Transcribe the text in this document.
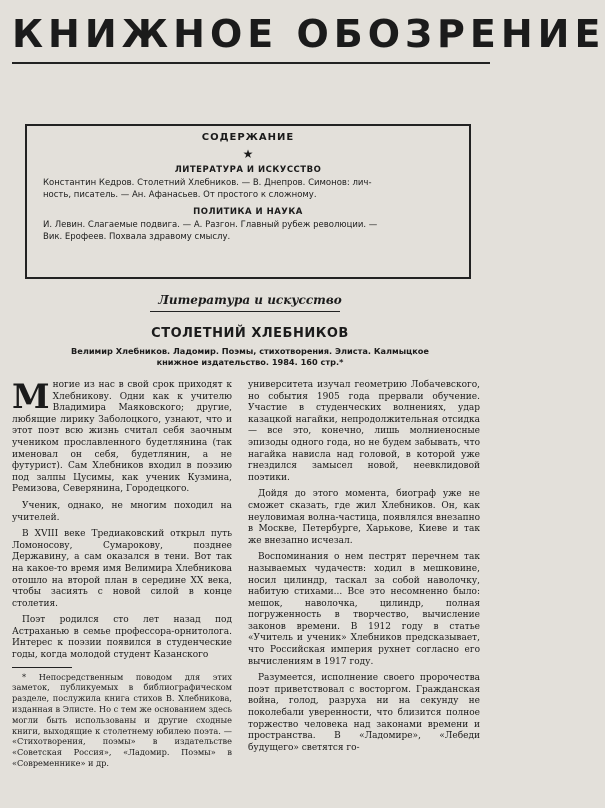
КНИЖНОЕ ОБОЗРЕНИЕ
СОДЕРЖАНИЕ
★
ЛИТЕРАТУРА И ИСКУССТВО
Константин Кедров. Столетний Хлебников. — В. Днепров. Симонов: лич-
ность, писатель. — Ан. Афанасьев. От простого к сложному.
ПОЛИТИКА И НАУКА
И. Левин. Слагаемые подвига. — А. Разгон. Главный рубеж революции. —
Вик. Ерофеев. Похвала здравому смыслу.
Литература и искусство
СТОЛЕТНИЙ ХЛЕБНИКОВ
Велимир Хлебников. Ладомир. Поэмы, стихотворения. Элиста. Калмыцкое
книжное издательство. 1984. 160 стр.*

Многие из нас в свой срок приходят к Хлебникову. Одни как к учителю Владимира Маяковского; другие, любящие лирику Заболоцкого, узнают, что и этот поэт всю жизнь считал себя заочным учеником прославленного будетлянина (так именовал он себя, будетлянин, а не футурист). Сам Хлебников входил в поэзию под залпы Цусимы, как ученик Кузмина, Ремизова, Северянина, Городецкого.

Ученик, однако, не многим походил на учителей.

В XVIII веке Тредиаковский открыл путь Ломоносову, Сумарокову, позднее Державину, а сам оказался в тени. Вот так на какое-то время имя Велимира Хлебникова отошло на второй план в середине XX века, чтобы засиять с новой силой в конце столетия.

Поэт родился сто лет назад под Астраханью в семье профессора-орнитолога. Интерес к поэзии появился в студенческие годы, когда молодой студент Казанского

* Непосредственным поводом для этих заметок, публикуемых в библиографическом разделе, послужила книга стихов В. Хлебникова, изданная в Элисте. Но с тем же основанием здесь могли быть использованы и другие сходные книги, выходящие к столетнему юбилею поэта. — «Стихотворения, поэмы» в издательстве «Советская Россия», «Ладомир. Поэмы» в «Современнике» и др.

университета изучал геометрию Лобачевского, но события 1905 года прервали обучение. Участие в студенческих волнениях, удар казацкой нагайки, непродолжительная отсидка — все это, конечно, лишь молниеносные эпизоды одного года, но не будем забывать, что нагайка нависла над головой, в которой уже гнездился замысел новой, неевклидовой поэтики.

Дойдя до этого момента, биограф уже не сможет сказать, где жил Хлебников. Он, как неуловимая волна-частица, появлялся внезапно в Москве, Петербурге, Харькове, Киеве и так же внезапно исчезал.

Воспоминания о нем пестрят перечнем так называемых чудачеств: ходил в мешковине, носил цилиндр, таскал за собой наволочку, набитую стихами... Все это несомненно было: мешок, наволочка, цилиндр, полная погруженность в творчество, вычисление законов времени. В 1912 году в статье «Учитель и ученик» Хлебников предсказывает, что Российская империя рухнет согласно его вычислениям в 1917 году.

Разумеется, исполнение своего пророчества поэт приветствовал с восторгом. Гражданская война, голод, разруха ни на секунду не поколебали уверенности, что близится полное торжество человека над законами времени и пространства. В «Ладомире», «Лебеди будущего» светятся го-
